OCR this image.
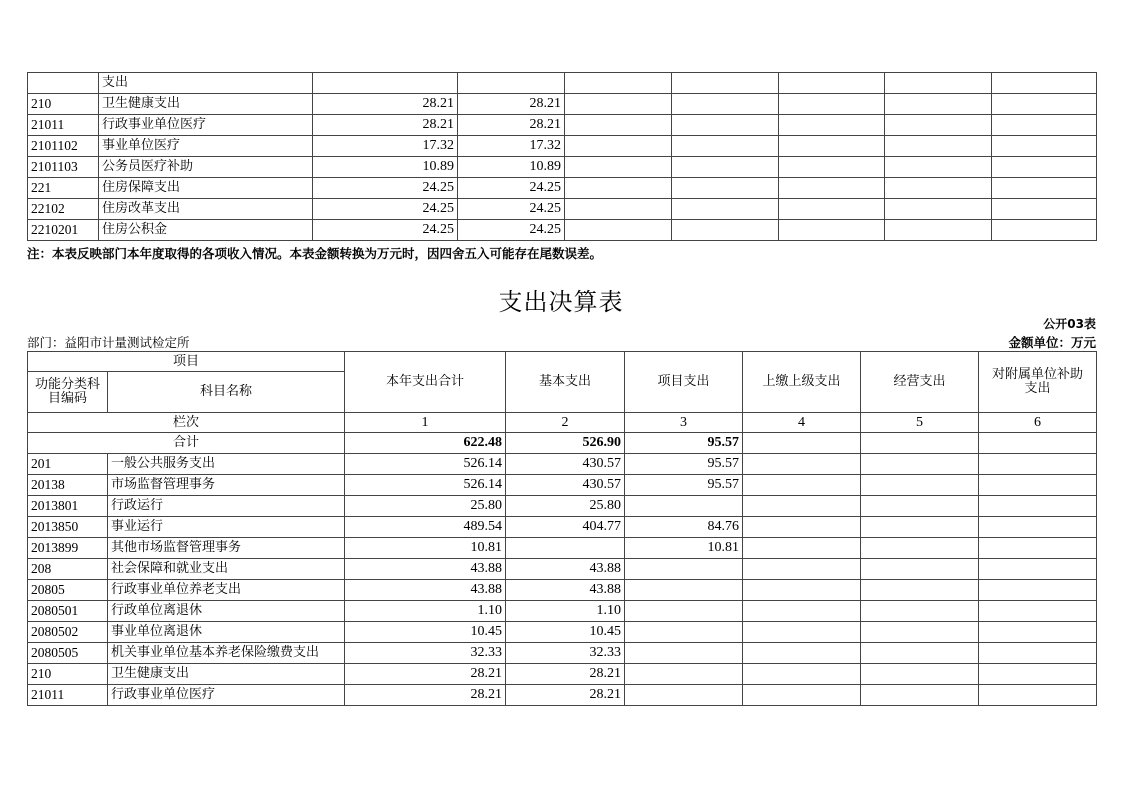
	支出							
210	卫生健康支出	28.21	28.21					
21011	行政事业单位医疗	28.21	28.21					
2101102	事业单位医疗	17.32	17.32					
2101103	公务员医疗补助	10.89	10.89					
221	住房保障支出	24.25	24.25					
22102	住房改革支出	24.25	24.25					
2210201	住房公积金	24.25	24.25					
注：本表反映部门本年度取得的各项收入情况。本表金额转换为万元时，因四舍五入可能存在尾数误差。
支出决算表
公开03表
部门：益阳市计量测试检定所	金额单位：万元
项目		本年支出合计	基本支出	项目支出	上缴上级支出	经营支出	对附属单位补助支出
功能分类科目编码	科目名称						
栏次		1	2	3	4	5	6
合计		622.48	526.90	95.57			
201	一般公共服务支出	526.14	430.57	95.57			
20138	市场监督管理事务	526.14	430.57	95.57			
2013801	行政运行	25.80	25.80				
2013850	事业运行	489.54	404.77	84.76			
2013899	其他市场监督管理事务	10.81		10.81			
208	社会保障和就业支出	43.88	43.88				
20805	行政事业单位养老支出	43.88	43.88				
2080501	行政单位离退休	1.10	1.10				
2080502	事业单位离退休	10.45	10.45				
2080505	机关事业单位基本养老保险缴费支出	32.33	32.33				
210	卫生健康支出	28.21	28.21				
21011	行政事业单位医疗	28.21	28.21				
